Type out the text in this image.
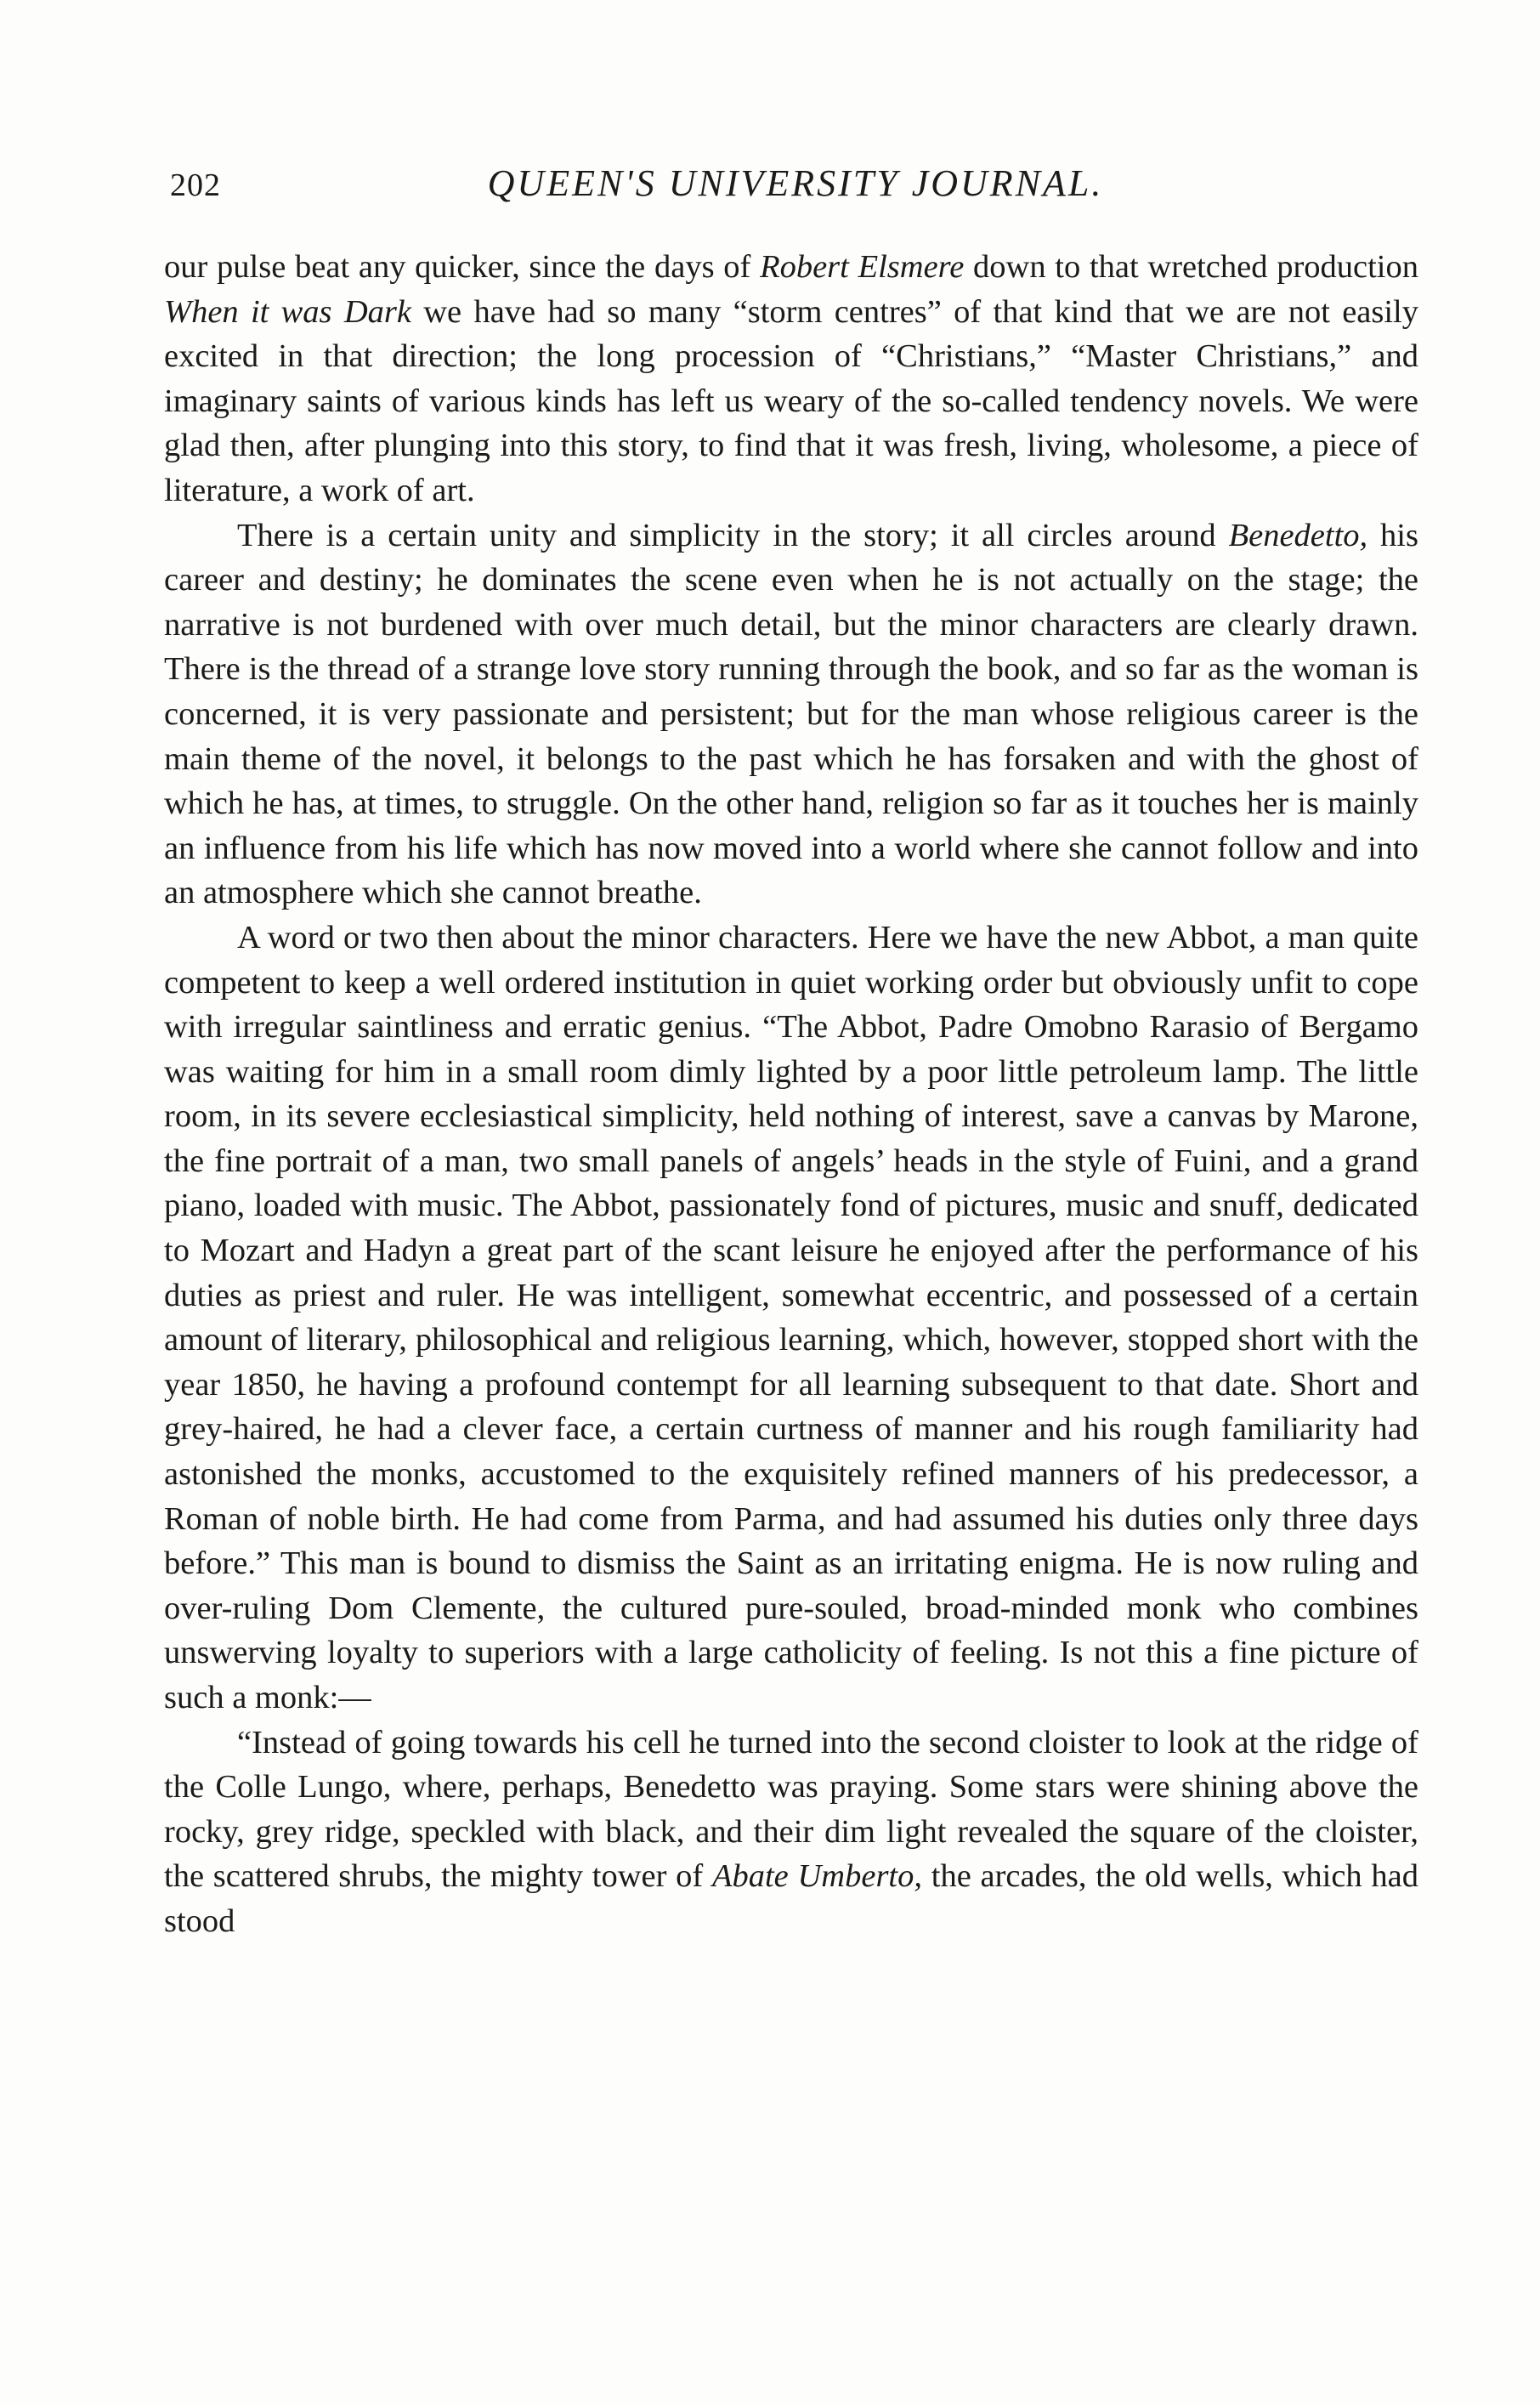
202	QUEEN'S UNIVERSITY JOURNAL.

our pulse beat any quicker, since the days of Robert Elsmere down to that wretched production When it was Dark we have had so many “storm centres” of that kind that we are not easily excited in that direction; the long procession of “Christians,” “Master Christians,” and imaginary saints of various kinds has left us weary of the so-called tendency novels. We were glad then, after plunging into this story, to find that it was fresh, living, wholesome, a piece of literature, a work of art.

There is a certain unity and simplicity in the story; it all circles around Benedetto, his career and destiny; he dominates the scene even when he is not actually on the stage; the narrative is not burdened with over much detail, but the minor characters are clearly drawn. There is the thread of a strange love story running through the book, and so far as the woman is concerned, it is very passionate and persistent; but for the man whose religious career is the main theme of the novel, it belongs to the past which he has forsaken and with the ghost of which he has, at times, to struggle. On the other hand, religion so far as it touches her is mainly an influence from his life which has now moved into a world where she cannot follow and into an atmosphere which she cannot breathe.

A word or two then about the minor characters. Here we have the new Abbot, a man quite competent to keep a well ordered institution in quiet working order but obviously unfit to cope with irregular saintliness and erratic genius. “The Abbot, Padre Omobno Rarasio of Bergamo was waiting for him in a small room dimly lighted by a poor little petroleum lamp. The little room, in its severe ecclesiastical simplicity, held nothing of interest, save a canvas by Marone, the fine portrait of a man, two small panels of angels’ heads in the style of Fuini, and a grand piano, loaded with music. The Abbot, passionately fond of pictures, music and snuff, dedicated to Mozart and Hadyn a great part of the scant leisure he enjoyed after the performance of his duties as priest and ruler. He was intelligent, somewhat eccentric, and possessed of a certain amount of literary, philosophical and religious learning, which, however, stopped short with the year 1850, he having a profound contempt for all learning subsequent to that date. Short and grey-haired, he had a clever face, a certain curtness of manner and his rough familiarity had astonished the monks, accustomed to the exquisitely refined manners of his predecessor, a Roman of noble birth. He had come from Parma, and had assumed his duties only three days before.” This man is bound to dismiss the Saint as an irritating enigma. He is now ruling and over-ruling Dom Clemente, the cultured pure-souled, broad-minded monk who combines unswerving loyalty to superiors with a large catholicity of feeling. Is not this a fine picture of such a monk:—

“Instead of going towards his cell he turned into the second cloister to look at the ridge of the Colle Lungo, where, perhaps, Benedetto was praying. Some stars were shining above the rocky, grey ridge, speckled with black, and their dim light revealed the square of the cloister, the scattered shrubs, the mighty tower of Abate Umberto, the arcades, the old wells, which had stood
